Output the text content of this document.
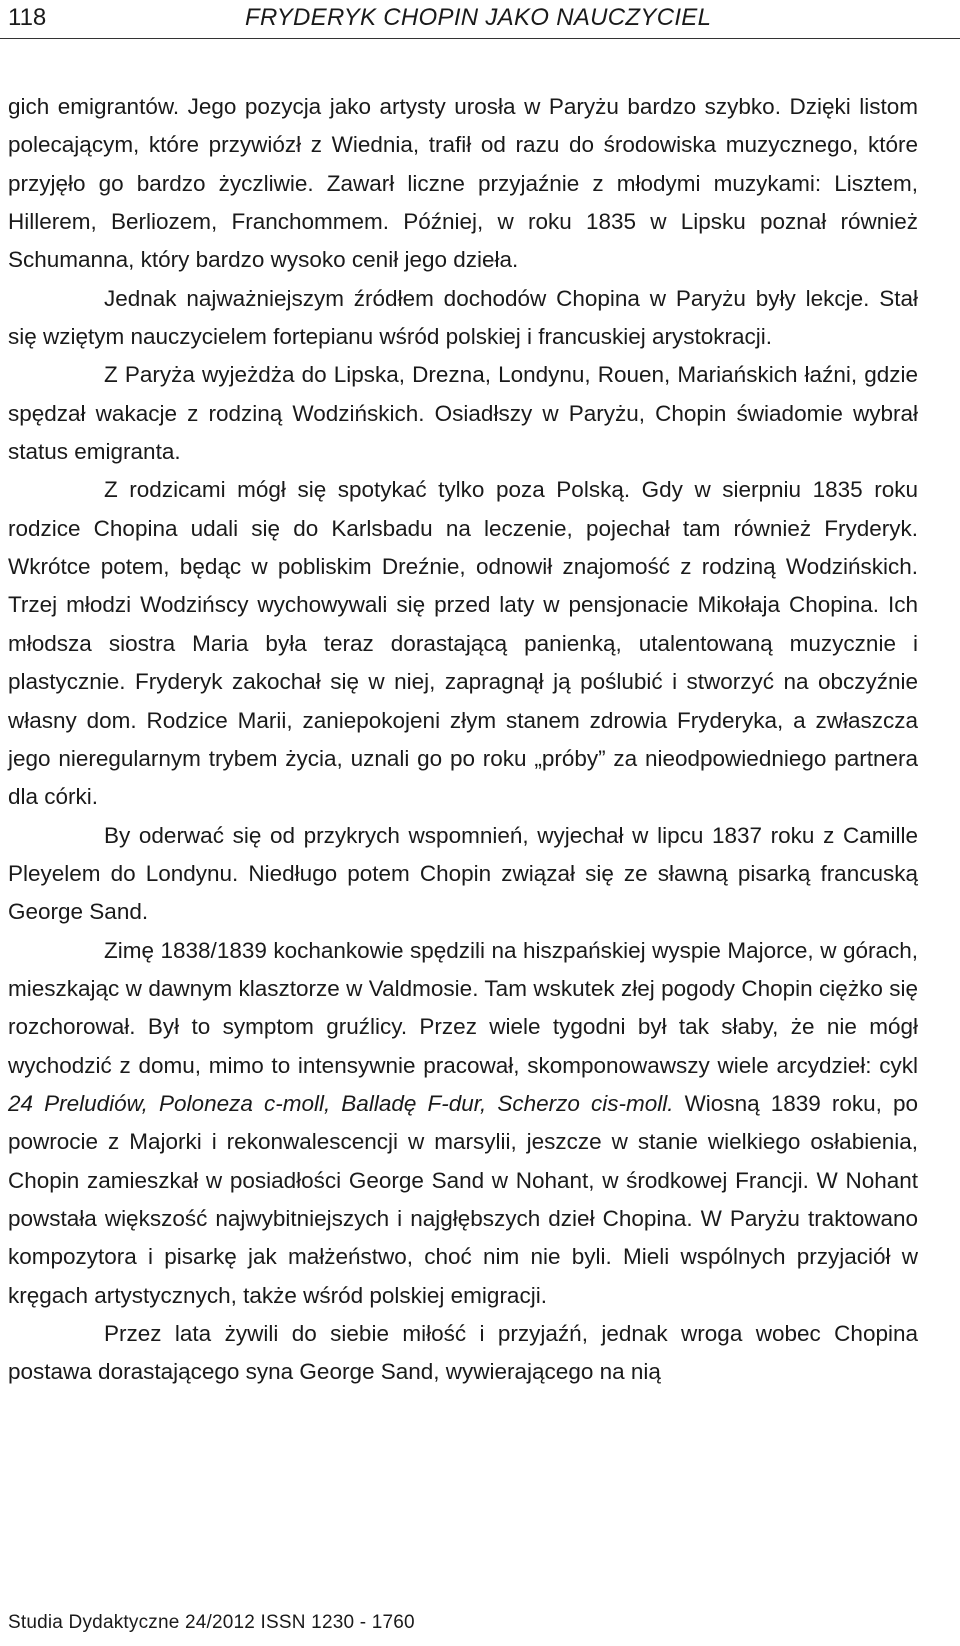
118	FRYDERYK CHOPIN JAKO NAUCZYCIEL

gich emigrantów. Jego pozycja jako artysty urosła w Paryżu bardzo szybko. Dzięki listom polecającym, które przywiózł z Wiednia, trafił od razu do środowiska muzycznego, które przyjęło go bardzo życzliwie. Zawarł liczne przyjaźnie z młodymi muzykami: Lisztem, Hillerem, Berliozem, Franchommem. Później, w roku 1835 w Lipsku poznał również Schumanna, który bardzo wysoko cenił jego dzieła.

Jednak najważniejszym źródłem dochodów Chopina w Paryżu były lekcje. Stał się wziętym nauczycielem fortepianu wśród polskiej i francuskiej arystokracji.

Z Paryża wyjeżdża do Lipska, Drezna, Londynu, Rouen, Mariańskich łaźni, gdzie spędzał wakacje z rodziną Wodzińskich. Osiadłszy w Paryżu, Chopin świadomie wybrał status emigranta.

Z rodzicami mógł się spotykać tylko poza Polską. Gdy w sierpniu 1835 roku rodzice Chopina udali się do Karlsbadu na leczenie, pojechał tam również Fryderyk. Wkrótce potem, będąc w pobliskim Dreźnie, odnowił znajomość z rodziną Wodzińskich. Trzej młodzi Wodzińscy wychowywali się przed laty w pensjonacie Mikołaja Chopina. Ich młodsza siostra Maria była teraz dorastającą panienką, utalentowaną muzycznie i plastycznie. Fryderyk zakochał się w niej, zapragnął ją poślubić i stworzyć na obczyźnie własny dom. Rodzice Marii, zaniepokojeni złym stanem zdrowia Fryderyka, a zwłaszcza jego nieregularnym trybem życia, uznali go po roku „próby” za nieodpowiedniego partnera dla córki.

By oderwać się od przykrych wspomnień, wyjechał w lipcu 1837 roku z Camille Pleyelem do Londynu. Niedługo potem Chopin związał się ze sławną pisarką francuską George Sand.

Zimę 1838/1839 kochankowie spędzili na hiszpańskiej wyspie Majorce, w górach, mieszkając w dawnym klasztorze w Valdmosie. Tam wskutek złej pogody Chopin ciężko się rozchorował. Był to symptom gruźlicy. Przez wiele tygodni był tak słaby, że nie mógł wychodzić z domu, mimo to intensywnie pracował, skomponowawszy wiele arcydzieł: cykl 24 Preludiów, Poloneza c-moll, Balladę F-dur, Scherzo cis-moll. Wiosną 1839 roku, po powrocie z Majorki i rekonwalescencji w marsylii, jeszcze w stanie wielkiego osłabienia, Chopin zamieszkał w posiadłości George Sand w Nohant, w środkowej Francji. W Nohant powstała większość najwybitniejszych i najgłębszych dzieł Chopina. W Paryżu traktowano kompozytora i pisarkę jak małżeństwo, choć nim nie byli. Mieli wspólnych przyjaciół w kręgach artystycznych, także wśród polskiej emigracji.

Przez lata żywili do siebie miłość i przyjaźń, jednak wroga wobec Chopina postawa dorastającego syna George Sand, wywierającego na nią

Studia Dydaktyczne 24/2012 ISSN 1230 - 1760
